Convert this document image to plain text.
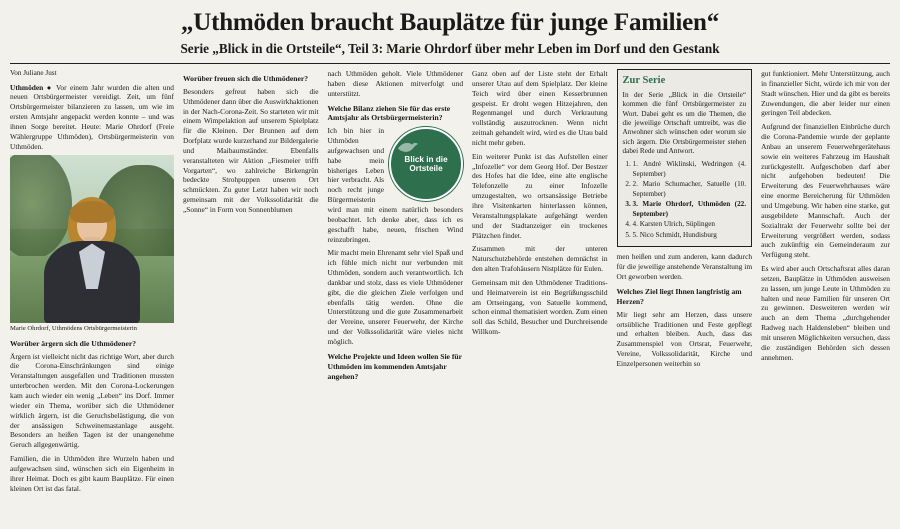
„Uthmöden braucht Bauplätze für junge Familien“
Serie „Blick in die Ortsteile“, Teil 3: Marie Ohrdorf über mehr Leben im Dorf und den Gestank

Von Juliane Just

Uthmöden ● Vor einem Jahr wurden die alten und neuen Ortsbürgermeister vereidigt. Zeit, um fünf Ortsbürgermeister bilanzieren zu lassen, um wie im ersten Amtsjahr angepackt werden konnte – und was ihnen Sorge bereitet. Heute: Marie Ohrdorf (Freie Wählergruppe Uthmöden), Ortsbürgermeisterin von Uthmöden.

Marie Ohrdorf, Uthmödens Ortsbürgermeisterin
Worüber ärgern sich die Uthmödener?

Ärgern ist vielleicht nicht das richtige Wort, aber durch die Corona-Einschränkungen sind einige Veranstaltungen ausgefallen und Traditionen mussten unterbrochen werden. Mit den Corona-Lockerungen kam auch wieder ein wenig „Leben“ ins Dorf. Immer wieder ein Thema, worüber sich die Uthmödener wirklich ärgern, ist die Geruchsbelästigung, die von der ansässigen Schweinemastanlage ausgeht. Besonders an heißen Tagen ist der unangenehme Geruch allgegenwärtig.

Familien, die in Uthmöden ihre Wurzeln haben und aufgewachsen sind, wünschen sich ein Eigenheim in ihrer Heimat. Doch es gibt kaum Bauplätze. Für einen kleinen Ort ist das fatal.

Worüber freuen sich die Uthmödener?

Besonders gefreut haben sich die Uthmödener dann über die Auswirkhaktionen in der Nach-Corona-Zeit. So starteten wir mit einem Wimpelaktion auf unserem Spielplatz für die Kleinen. Der Brunnen auf dem Dorfplatz wurde kurzerhand zur Bildergalerie und Maibaumständer. Ebenfalls veranstalteten wir Aktion „Fiesmeier trifft Vorgarten“, wo zahlreiche Birkengrün bedeckte Strohpuppen unseren Ort schmückten. Zu guter Letzt haben wir noch gemeinsam mit der Volkssolidarität die „Sonne“ in Form von Sonnenblumen

nach Uthmöden geholt. Viele Uthmödener haben diese Aktionen mitverfolgt und unterstützt.

Welche Bilanz ziehen Sie für das erste Amtsjahr als Ortsbürgermeisterin?
Blick in die
Ortsteile

Ich bin hier in Uthmöden aufgewachsen und habe mein bisheriges Leben hier verbracht. Als noch recht junge Bürgermeisterin wird man mit einem natürlich besonders beobachtet. Ich denke aber, dass ich es geschafft habe, neuen, frischen Wind reinzubringen.

Mir macht mein Ehrenamt sehr viel Spaß und ich fühle mich nicht nur verbunden mit Uthmöden, sondern auch verantwortlich. Ich dankbar und stolz, dass es viele Uthmödener gibt, die die gleichen Ziele verfolgen und ebenfalls tätig werden. Ohne die Unterstützung und die gute Zusammenarbeit der Vereine, unserer Feuerwehr, der Kirche und der Volkssolidarität wäre vieles nicht möglich.

Welche Projekte und Ideen wollen Sie für Uthmöden im kommenden Amtsjahr angehen?

Ganz oben auf der Liste steht der Erhalt unserer Utau auf dem Spielplatz. Der kleine Teich wird über einen Kesserbrunnen gespeist. Er droht wegen Hitzejahren, den Regenmangel und durch Verkrautung vollständig auszutrocknen. Wenn nicht zeitnah gehandelt wird, wird es die Utau bald nicht mehr geben.

Ein weiterer Punkt ist das Aufstellen einer „Infozelle“ vor dem Georg Hof. Der Bestzer des Hofes hat die Idee, eine alte englische Telefonzelle zu einer Infozelle umzugestalten, wo ortsansässige Betriebe ihre Visitenkarten hinterlassen können, Veranstaltungsplakate aufgehängt werden und der Stadtanzeiger ein trockenes Plätzchen findet.

Zusammen mit der unteren Naturschutzbehörde entstehen demnächst in den alten Trafohäusern Nistplätze für Eulen.

Gemeinsam mit den Uthmödener Traditions- und Heimatverein ist ein Begrüßungsschild am Ortseingang, von Satuelle kommend, schon einmal thematisiert worden. Zum einen soll das Schild, Besucher und Durchreisende Willkom-

Zur Serie

In der Serie „Blick in die Ortsteile“ kommen die fünf Ortsbürgermeister zu Wort. Dabei geht es um die Themen, die die jeweilige Ortschaft umtreibt, was die Anwohner sich wünschen oder worum sie sich ärgern. Die Ortsbürgermeister stehen dabei Rede und Antwort.

1. 1. André Wiklinski, Wedringen (4. September)
2. 2. Mario Schumacher, Satuelle (10. September)
3. 3. Marie Ohrdorf, Uthmöden (22. September)
4. 4. Karsten Ulrich, Süplingen
5. 5. Nico Schmidt, Hundisburg

men heißen und zum anderen, kann dadurch für die jeweilige anstehende Veranstaltung im Ort geworben werden.

Welches Ziel liegt Ihnen langfristig am Herzen?

Mir liegt sehr am Herzen, dass unsere ortsübliche Traditionen und Feste gepflegt und erhalten bleiben. Auch, dass das Zusammenspiel von Ortsrat, Feuerwehr, Vereine, Volkssolidarität, Kirche und Einzelpersonen weiterhin so

gut funktioniert. Mehr Unterstützung, auch in finanzieller Sicht, würde ich mir von der Stadt wünschen. Hier und da gibt es bereits Zuwendungen, die aber leider nur einen geringen Teil abdecken.

Aufgrund der finanziellen Einbrüche durch die Corona-Pandemie wurde der geplante Anbau an unserem Feuerwehrgerätehaus sowie ein weiteres Fahrzeug im Haushalt zurückgestellt. Aufgeschoben darf aber nicht aufgehoben bedeuten! Die Erweiterung des Feuerwehrhauses wäre eine enorme Bereicherung für Uthmöden und Umgebung. Wir haben eine starke, gut ausgebildete Mannschaft. Auch der Sozialtrakt der Feuerwehr sollte bei der Erweiterung vergrößert werden, sodass auch zukünftig ein Gemeinderaum zur Verfügung steht.

Es wird aber auch Ortschaftsrat alles daran setzen, Bauplätze in Uthmöden ausweisen zu lassen, um junge Leute in Uthmöden zu halten und neue Familien für unseren Ort zu gewinnen. Desweiteren werden wir auch an dem Thema „durchgehender Radweg nach Haldensleben“ bleiben und mit unseren Möglichkeiten versuchen, dass die zuständigen Behörden sich dessen annehmen.
